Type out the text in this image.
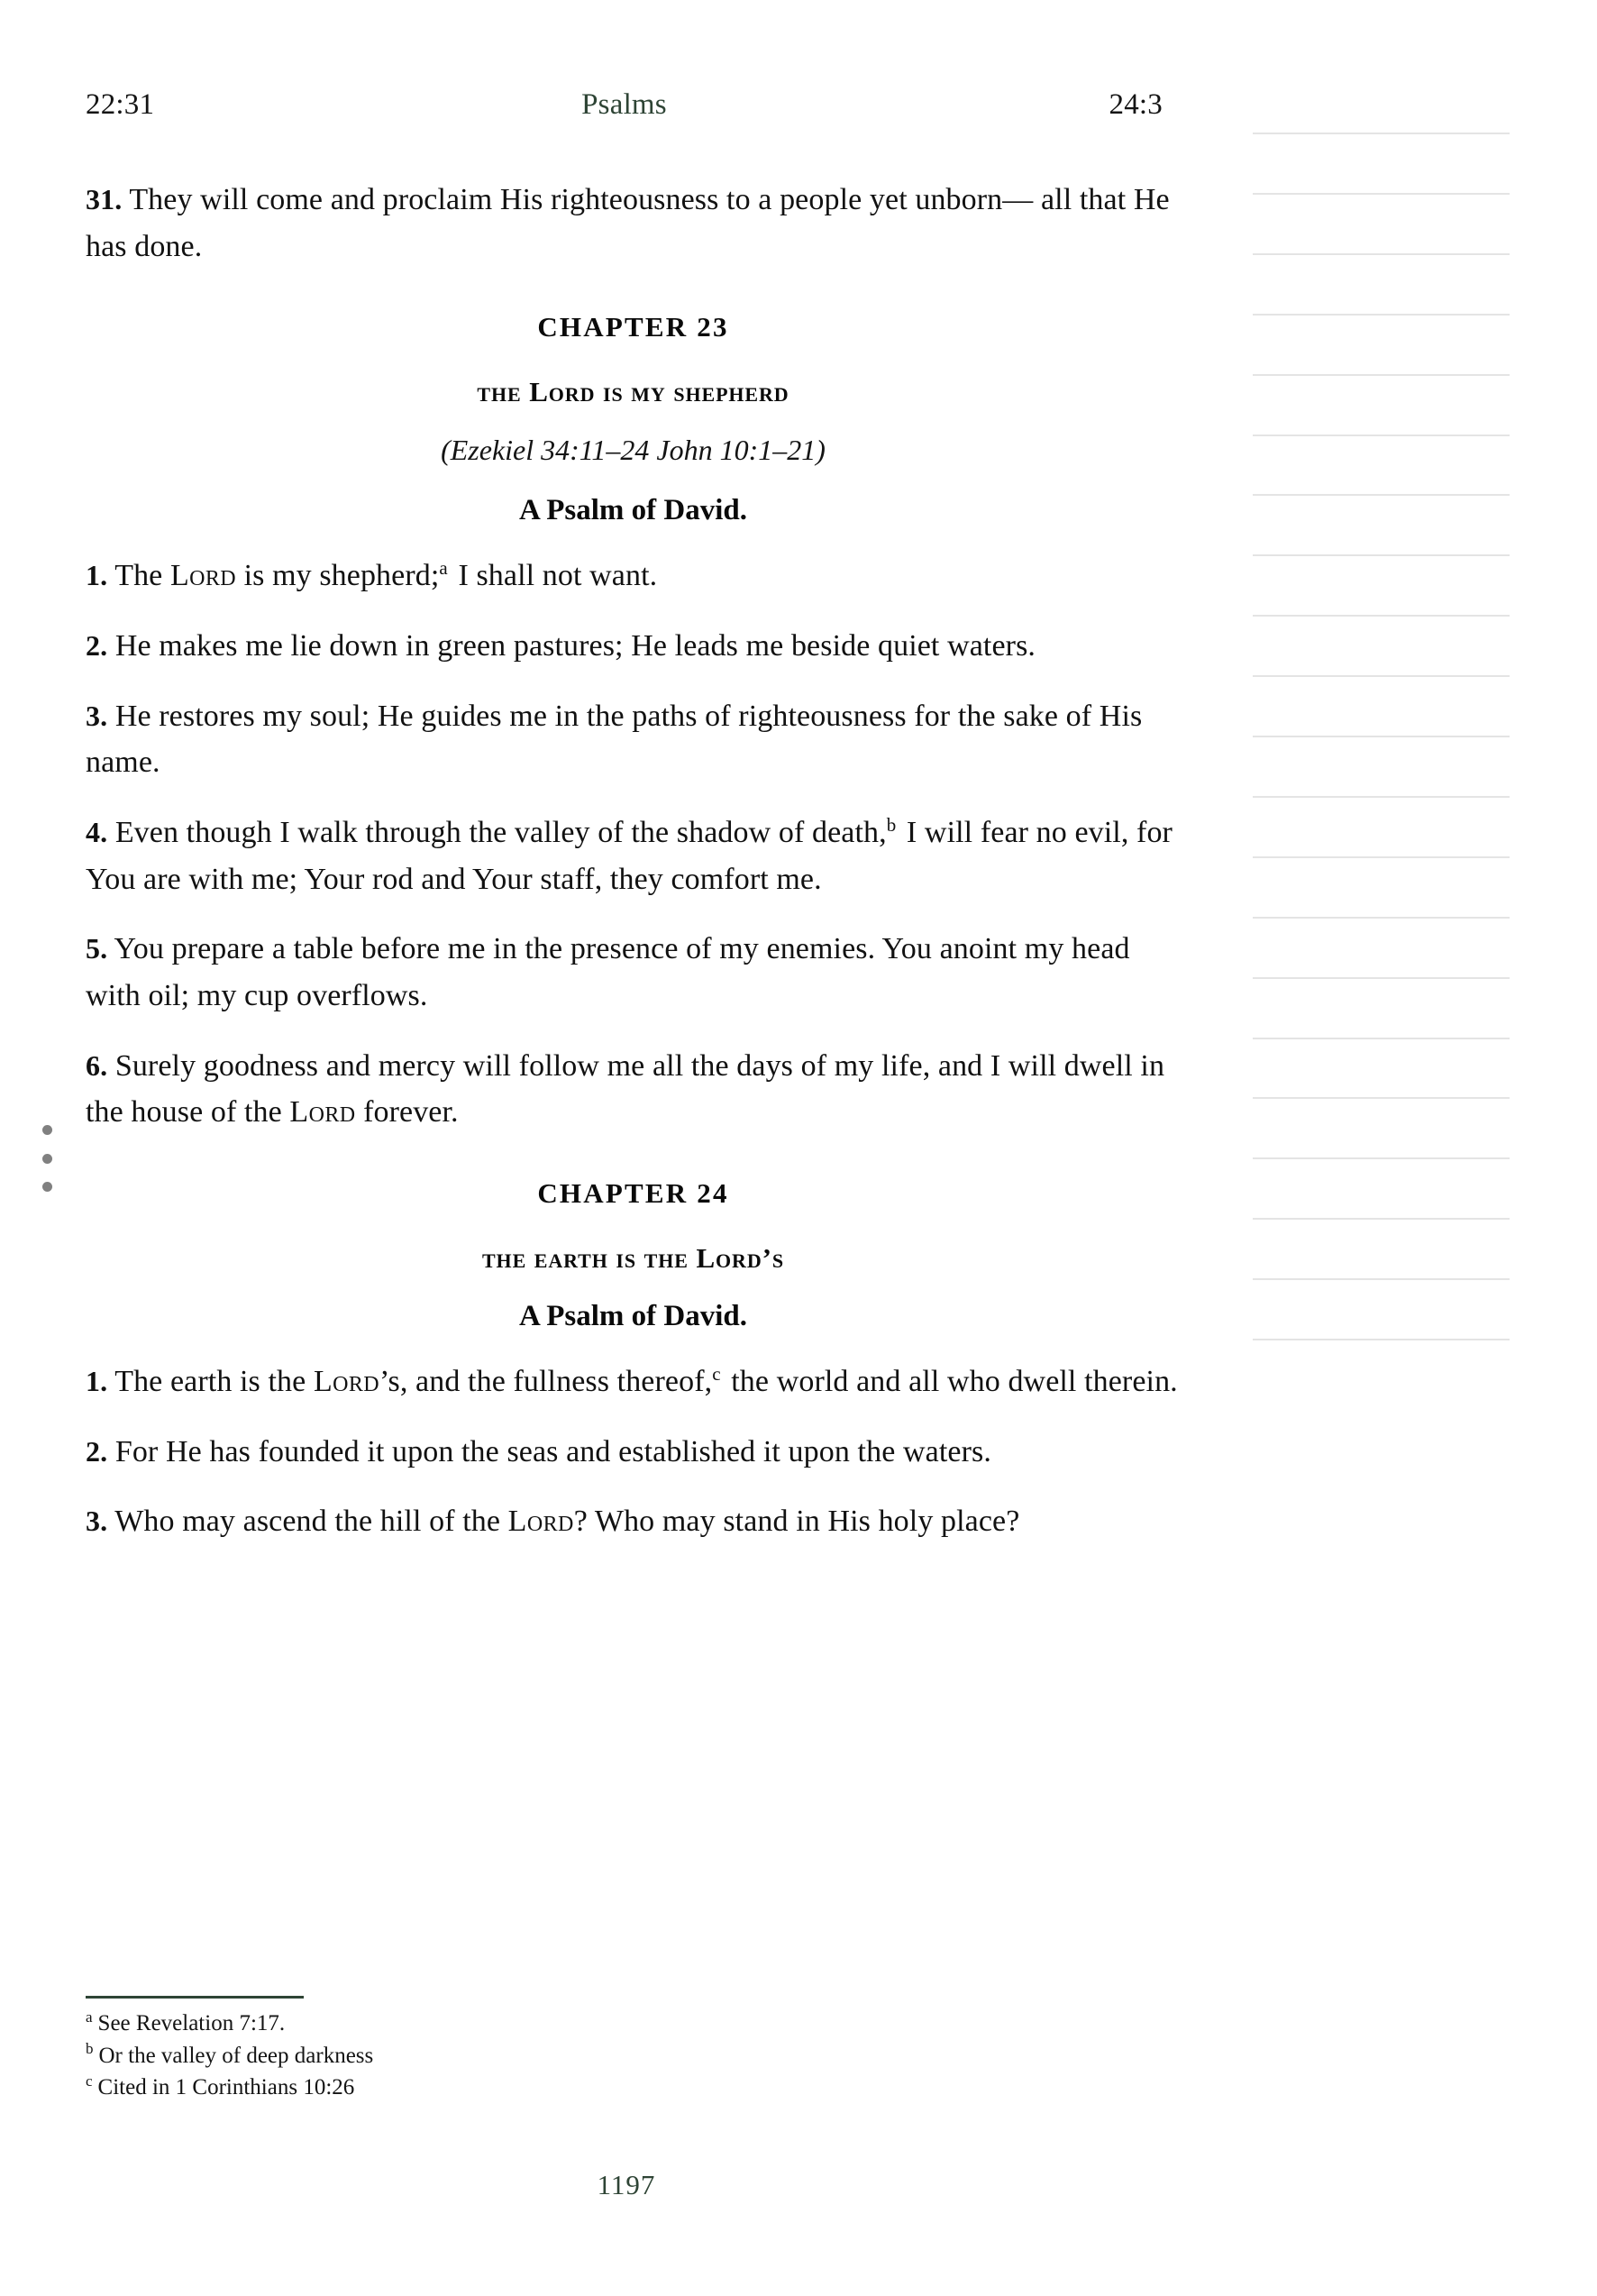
22:31	Psalms	24:3

31. They will come and proclaim His righteousness to a people yet unborn— all that He has done.

CHAPTER 23
the Lord is my shepherd

(Ezekiel 34:11–24 John 10:1–21)

A Psalm of David.

1. The Lord is my shepherd;$^a$ I shall not want.

2. He makes me lie down in green pastures; He leads me beside quiet waters.

3. He restores my soul; He guides me in the paths of righteousness for the sake of His name.

4. Even though I walk through the valley of the shadow of death,$^b$ I will fear no evil, for You are with me; Your rod and Your staff, they comfort me.

5. You prepare a table before me in the presence of my enemies. You anoint my head with oil; my cup overflows.

6. Surely goodness and mercy will follow me all the days of my life, and I will dwell in the house of the Lord forever.

CHAPTER 24
the earth is the Lord’s

A Psalm of David.

1. The earth is the Lord’s, and the fullness thereof,$^c$ the world and all who dwell therein.

2. For He has founded it upon the seas and established it upon the waters.

3. Who may ascend the hill of the Lord? Who may stand in His holy place?

$^a$ See Revelation 7:17.

$^b$ Or the valley of deep darkness

$^c$ Cited in 1 Corinthians 10:26

1197
